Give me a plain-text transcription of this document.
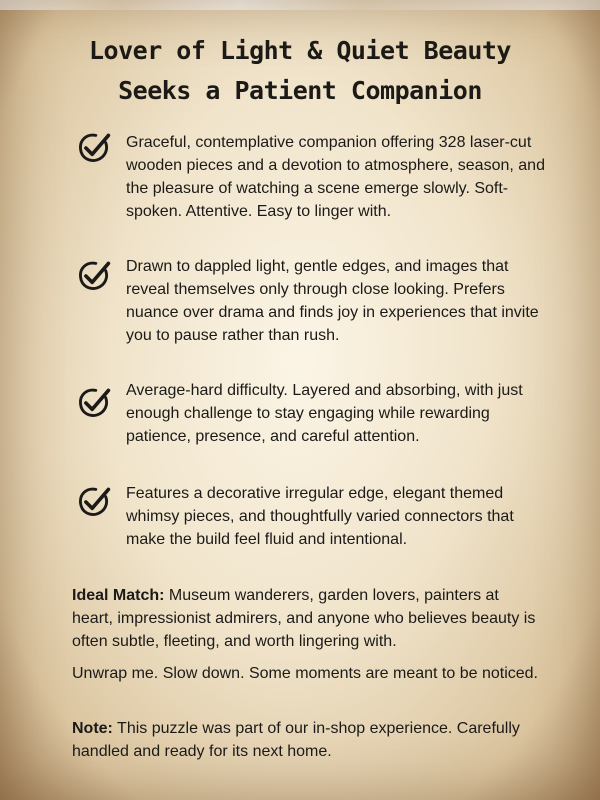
Lover of Light & Quiet Beauty
Seeks a Patient Companion

Graceful, contemplative companion offering 328 laser-cut wooden pieces and a devotion to atmosphere, season, and the pleasure of watching a scene emerge slowly. Soft-spoken. Attentive. Easy to linger with.

Drawn to dappled light, gentle edges, and images that reveal themselves only through close looking. Prefers nuance over drama and finds joy in experiences that invite you to pause rather than rush.

Average-hard difficulty. Layered and absorbing, with just enough challenge to stay engaging while rewarding patience, presence, and careful attention.

Features a decorative irregular edge, elegant themed whimsy pieces, and thoughtfully varied connectors that make the build feel fluid and intentional.

Ideal Match: Museum wanderers, garden lovers, painters at heart, impressionist admirers, and anyone who believes beauty is often subtle, fleeting, and worth lingering with.

Unwrap me. Slow down. Some moments are meant to be noticed.

Note: This puzzle was part of our in-shop experience. Carefully handled and ready for its next home.
